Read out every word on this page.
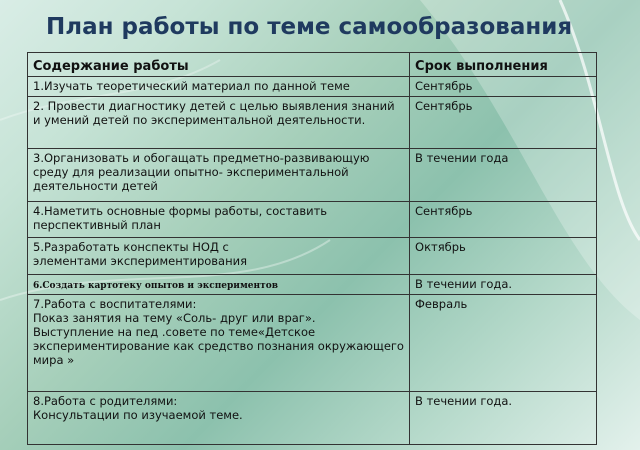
План работы по теме самообразования
Содержание работы	Срок выполнения
1.Изучать теоретический материал по данной теме	Сентябрь
2. Провести диагностику детей с целью выявления знаний и умений детей по экспериментальной деятельности.	Сентябрь
3.Организовать и обогащать предметно-развивающую среду для реализации опытно- экспериментальной деятельности детей	В течении года
4.Наметить основные формы работы, составить перспективный план	Сентябрь

5.Разработать конспекты НОД с
элементами экспериментирования	Октябрь
6.Создать картотеку опытов и экспериментов	В течении года.

7.Работа с воспитателями:
Показ занятия на тему «Соль- друг или враг».
Выступление на пед .совете по теме«Детское экспериментирование как средство познания окружающего мира »	Февраль

8.Работа с родителями:
Консультации по изучаемой теме.	В течении года.
